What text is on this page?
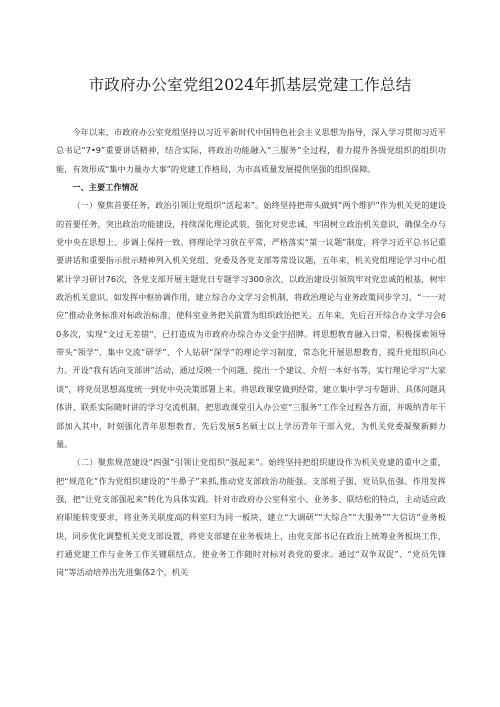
市政府办公室党组2024年抓基层党建工作总结

今年以来，市政府办公室党组坚持以习近平新时代中国特色社会主义思想为指导，深入学习贯彻习近平总书记“7•9”重要讲话精神，结合实际，将政治功能融入“三服务”全过程，着力提升各级党组织的组织功能，有效形成“集中力量办大事”的党建工作格局，为市高质量发展提供坚强的组织保障。

一、主要工作情况

（一）聚焦首要任务，政治引领让党组织“活起来”。始终坚持把带头做到“两个维护”作为机关党的建设的首要任务，突出政治功能建设，持续深化理论武装，强化对党忠诚，牢固树立政治机关意识，确保全办与党中央在思想上、步调上保持一致。将理论学习放在平常，严格落实“第一议题”制度，将学习近平总书记重要讲话和重要指示批示精神列入机关党组、党委及各党支部等常设议题，五年来，机关党组理论学习中心组累计学习研讨76次，各党支部开展主题党日专题学习300余次，以政治建设引领筑牢对党忠诚的根基，树牢政治机关意识。如发挥中枢协调作用，建立综合办文学习会机制，将政治理论与业务政策同步学习，“一一对应”推动业务标准对标政治标准，使科室业务把关前置为组织政治把关。五年来，先后召开综合办文学习会60多次，实现“文过无差错”，已打造成为市政府办综合办文金字招牌。将思想教育融入日常，积极探索领导带头“领学”、集中交流“研学”、个人钻研“深学”的理论学习制度，常态化开展思想教育，提升党组织向心力。开设“我有话向支部讲”活动，通过反映一个问题、提出一个建议、介绍一本好书等，实行理论学习“大家谈”，将党员思想高度统一到党中央决策部署上来。将思政课堂做到经常，建立集中学习专题讲、具体问题具体讲、联系实际随时讲的学习交流机制，把思政课堂引入办公室“三服务”工作全过程各方面，并吸纳青年干部加入其中，时刻强化青年思想教育，先后发展5名硕士以上学历青年干部入党，为机关党委凝聚新鲜力量。

（二）聚焦规范建设“四强”引领让党组织“强起来”。始终坚持把组织建设作为机关党建的重中之重，把“规范化”作为党组织建设的“牛鼻子”来抓,推动党支部政治功能强、支部班子强、党员队伍强、作用发挥强，把“让党支部强起来”转化为具体实践。针对市政府办公室科室小、业务多、联结松的特点，主动适应政府职能转变要求，将业务关联度高的科室归为同一板块，建立“大调研”“大综合”“大服务”“大信访”业务板块，同步优化调整机关党支部设置，将党支部建在业务板块上，由党支部书记在政治上统筹业务板块工作，打通党建工作与业务工作关键联结点，使业务工作随时对标对表党的要求。通过“双争双促”、“党员先锋岗”等活动培养出先进集体2个，机关
